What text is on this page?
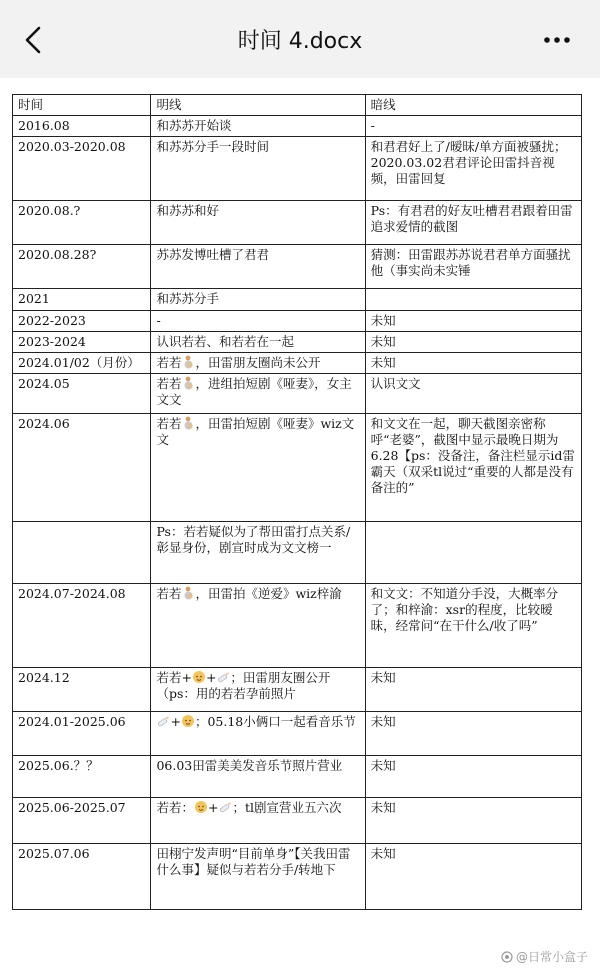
时间 4.docx
时间	明线	暗线
2016.08	和苏苏开始谈	-
2020.03-2020.08	和苏苏分手一段时间	和君君好上了/暧昧/单方面被骚扰；2020.03.02君君评论田雷抖音视频，田雷回复
2020.08.?	和苏苏和好	Ps：有君君的好友吐槽君君跟着田雷追求爱情的截图
2020.08.28?	苏苏发博吐槽了君君	猜测：田雷跟苏苏说君君单方面骚扰他（事实尚未实锤
2021	和苏苏分手	
2022-2023	-	未知
2023-2024	认识若若、和若若在一起	未知
2024.01/02（月份）	若若 ，田雷朋友圈尚未公开	未知
2024.05	若若 ，进组拍短剧《哑妻》，女主文文	认识文文
2024.06	若若 ，田雷拍短剧《哑妻》wiz文文	和文文在一起，聊天截图亲密称呼“老婆”，截图中显示最晚日期为6.28【ps：没备注，备注栏显示id雷霸天（双采tl说过“重要的人都是没有备注的”
	Ps：若若疑似为了帮田雷打点关系/彰显身份，剧宣时成为文文榜一	
2024.07-2024.08	若若 ，田雷拍《逆爱》wiz梓渝	和文文：不知道分手没，大概率分了；和梓渝：xsr的程度，比较暧昧，经常问“在干什么/收了吗”
2024.12	若若+ + ；田雷朋友圈公开（ps：用的若若孕前照片	未知
2024.01-2025.06	+ ；05.18小俩口一起看音乐节	未知
2025.06.？？	06.03田雷美美发音乐节照片营业	未知
2025.06-2025.07	若若： + ；tl剧宣营业五六次	未知
2025.07.06	田栩宁发声明“目前单身”【关我田雷什么事】疑似与若若分手/转地下	未知
@日常小盒子
